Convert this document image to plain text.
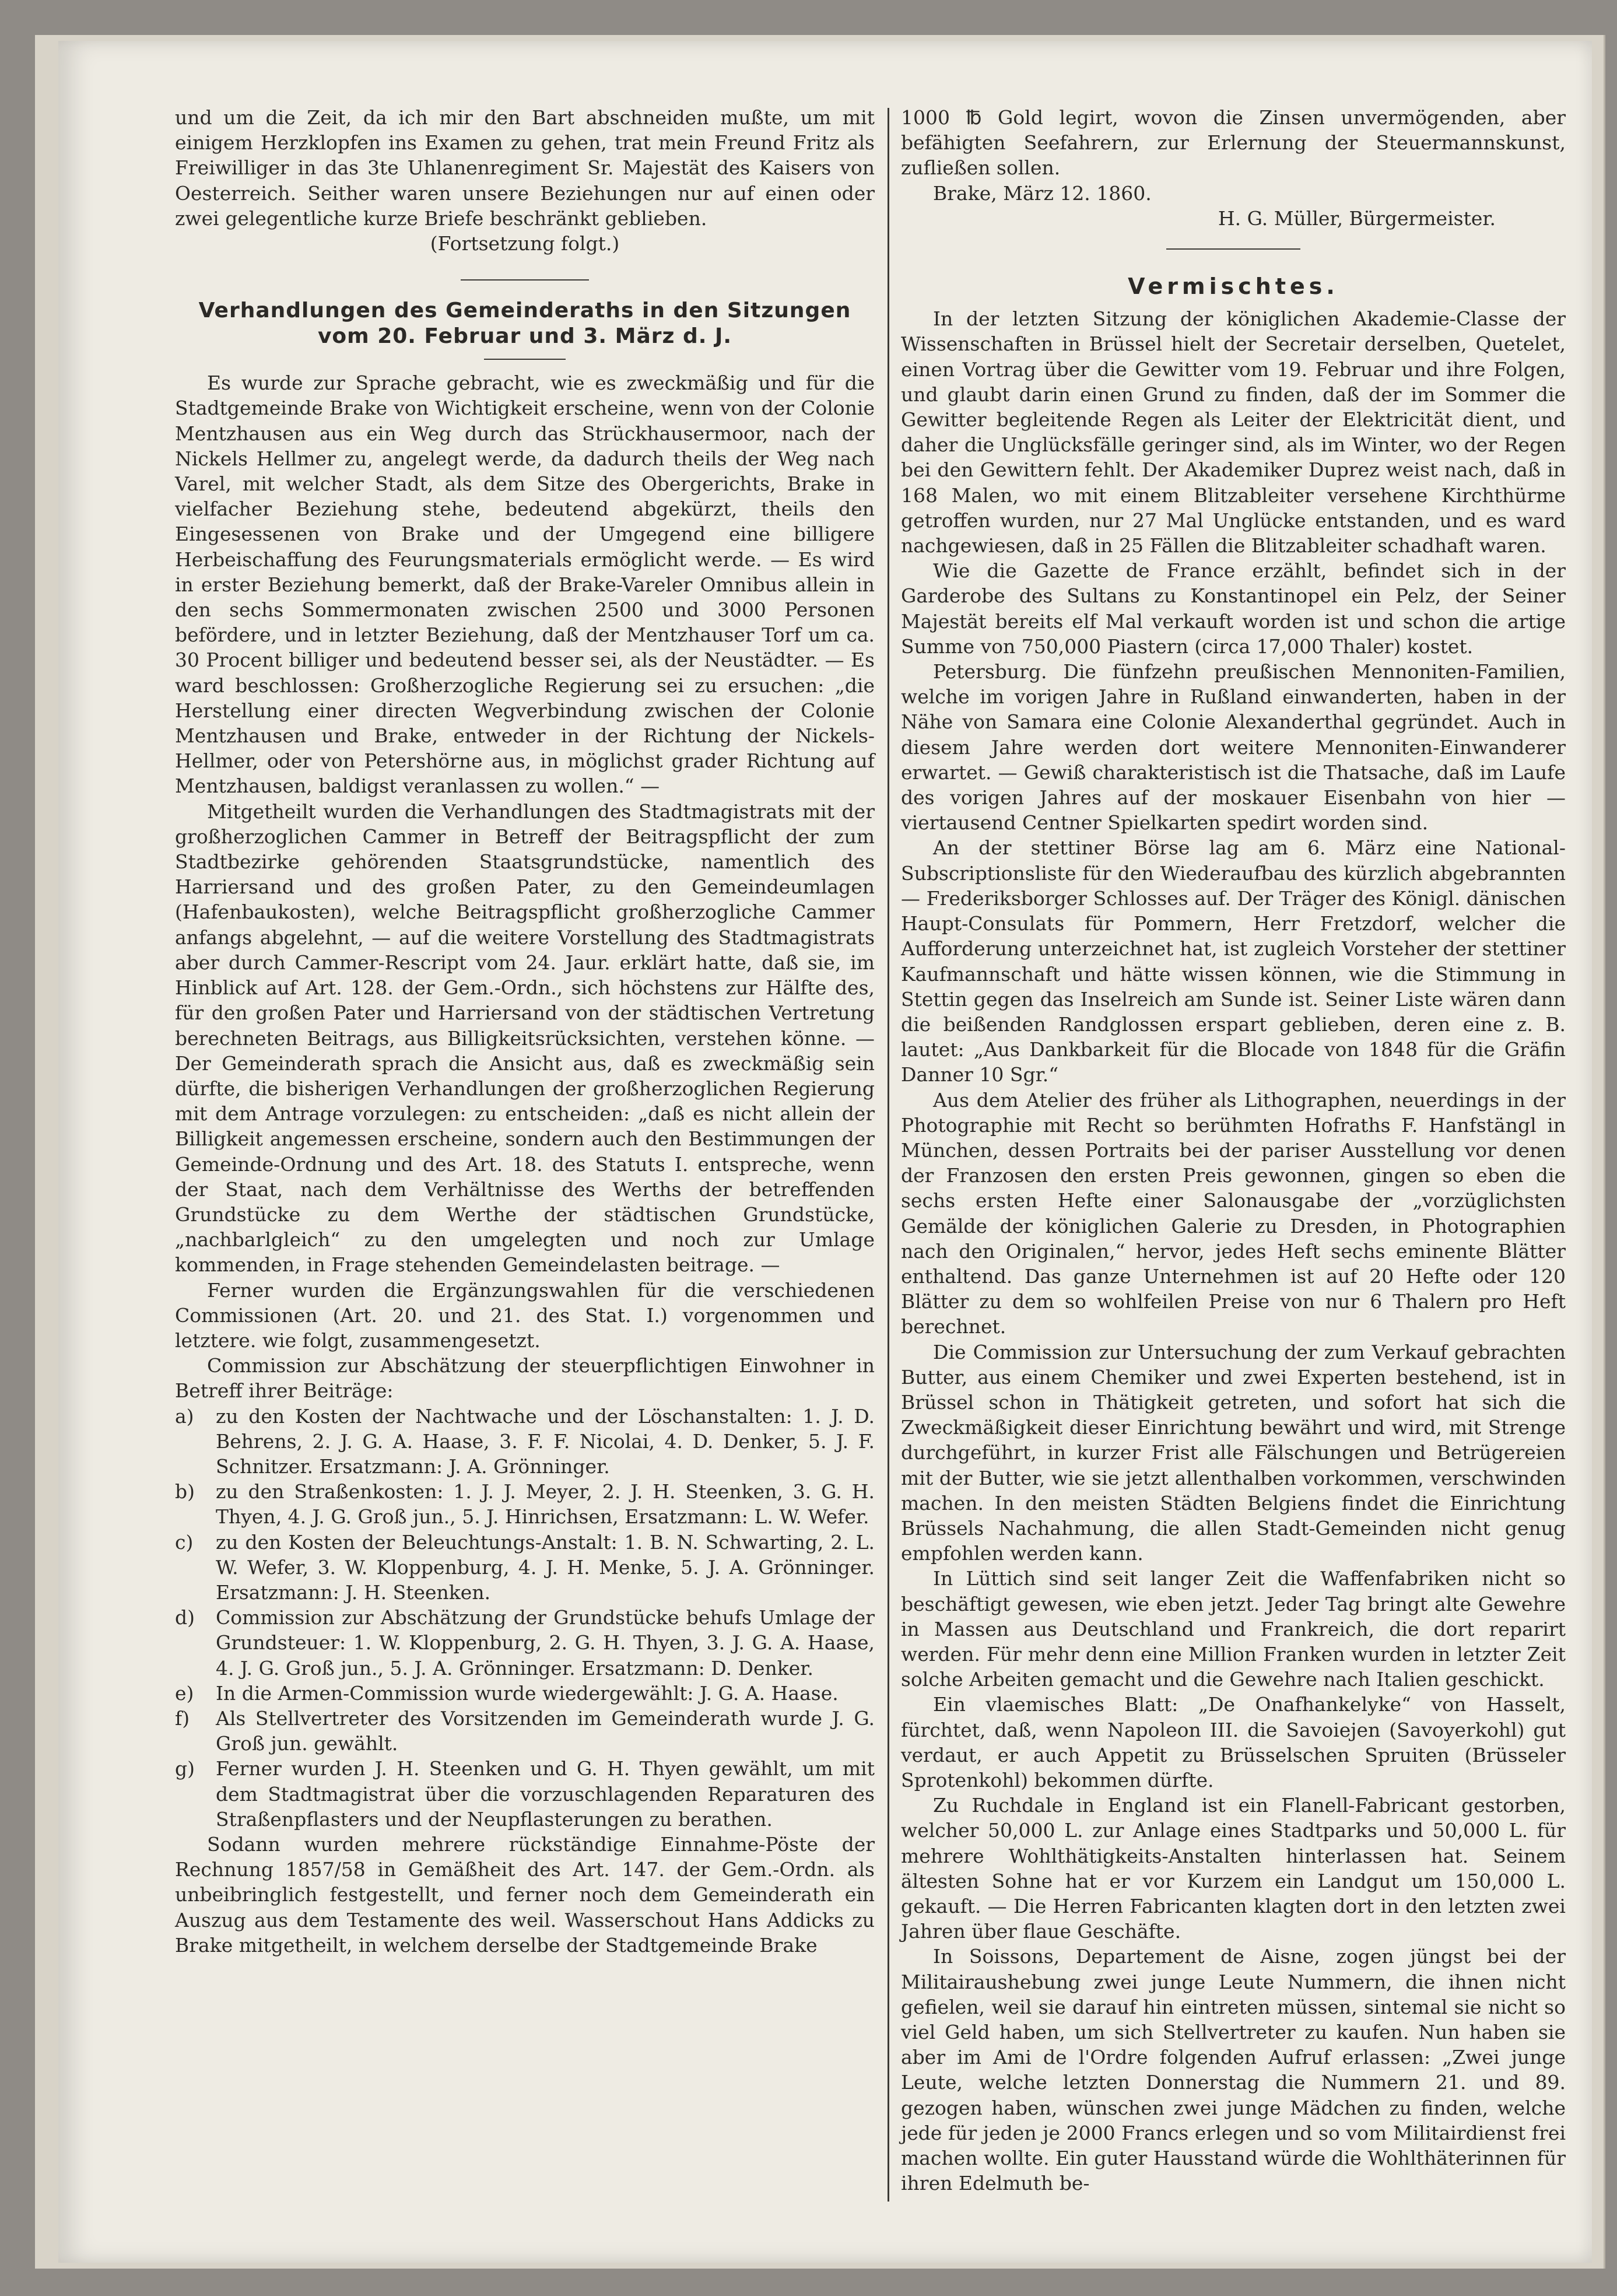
und um die Zeit, da ich mir den Bart abschneiden mußte, um mit einigem Herzklopfen ins Examen zu gehen, trat mein Freund Fritz als Freiwilliger in das 3te Uhlanenregiment Sr. Majestät des Kaisers von Oesterreich. Seither waren unsere Beziehungen nur auf einen oder zwei gelegentliche kurze Briefe beschränkt geblieben.

(Fortsetzung folgt.)

Verhandlungen des Gemeinderaths in den Sitzungen

vom 20. Februar und 3. März d. J.

Es wurde zur Sprache gebracht, wie es zweckmäßig und für die Stadtgemeinde Brake von Wichtigkeit erscheine, wenn von der Colonie Mentzhausen aus ein Weg durch das Strückhausermoor, nach der Nickels Hellmer zu, angelegt werde, da dadurch theils der Weg nach Varel, mit welcher Stadt, als dem Sitze des Obergerichts, Brake in vielfacher Beziehung stehe, bedeutend abgekürzt, theils den Eingesessenen von Brake und der Umgegend eine billigere Herbeischaffung des Feurungsmaterials ermöglicht werde. — Es wird in erster Beziehung bemerkt, daß der Brake-Vareler Omnibus allein in den sechs Sommermonaten zwischen 2500 und 3000 Personen befördere, und in letzter Beziehung, daß der Mentzhauser Torf um ca. 30 Procent billiger und bedeutend besser sei, als der Neustädter. — Es ward beschlossen: Großherzogliche Regierung sei zu ersuchen: „die Herstellung einer directen Wegverbindung zwischen der Colonie Mentzhausen und Brake, entweder in der Richtung der Nickels-Hellmer, oder von Petershörne aus, in möglichst grader Richtung auf Mentzhausen, baldigst veranlassen zu wollen.“ —

Mitgetheilt wurden die Verhandlungen des Stadtmagistrats mit der großherzoglichen Cammer in Betreff der Beitragspflicht der zum Stadtbezirke gehörenden Staatsgrundstücke, namentlich des Harriersand und des großen Pater, zu den Gemeindeumlagen (Hafenbaukosten), welche Beitragspflicht großherzogliche Cammer anfangs abgelehnt, — auf die weitere Vorstellung des Stadtmagistrats aber durch Cammer-Rescript vom 24. Jaur. erklärt hatte, daß sie, im Hinblick auf Art. 128. der Gem.-Ordn., sich höchstens zur Hälfte des, für den großen Pater und Harriersand von der städtischen Vertretung berechneten Beitrags, aus Billigkeitsrücksichten, verstehen könne. — Der Gemeinderath sprach die Ansicht aus, daß es zweckmäßig sein dürfte, die bisherigen Verhandlungen der großherzoglichen Regierung mit dem Antrage vorzulegen: zu entscheiden: „daß es nicht allein der Billigkeit angemessen erscheine, sondern auch den Bestimmungen der Gemeinde-Ordnung und des Art. 18. des Statuts I. entspreche, wenn der Staat, nach dem Verhältnisse des Werths der betreffenden Grundstücke zu dem Werthe der städtischen Grundstücke, „nachbarlgleich“ zu den umgelegten und noch zur Umlage kommenden, in Frage stehenden Gemeindelasten beitrage. —

Ferner wurden die Ergänzungswahlen für die verschiedenen Commissionen (Art. 20. und 21. des Stat. I.) vorgenommen und letztere. wie folgt, zusammengesetzt.

Commission zur Abschätzung der steuerpflichtigen Einwohner in Betreff ihrer Beiträge:

a)	zu den Kosten der Nachtwache und der Löschanstalten: 1. J. D. Behrens, 2. J. G. A. Haase, 3. F. F. Nicolai, 4. D. Denker, 5. J. F. Schnitzer. Ersatzmann: J. A. Grönninger.
b)	zu den Straßenkosten: 1. J. J. Meyer, 2. J. H. Steenken, 3. G. H. Thyen, 4. J. G. Groß jun., 5. J. Hinrichsen, Ersatzmann: L. W. Wefer.
c)	zu den Kosten der Beleuchtungs-Anstalt: 1. B. N. Schwarting, 2. L. W. Wefer, 3. W. Kloppenburg, 4. J. H. Menke, 5. J. A. Grönninger. Ersatzmann: J. H. Steenken.
d)	Commission zur Abschätzung der Grundstücke behufs Umlage der Grundsteuer: 1. W. Kloppenburg, 2. G. H. Thyen, 3. J. G. A. Haase, 4. J. G. Groß jun., 5. J. A. Grönninger. Ersatzmann: D. Denker.
e)	In die Armen-Commission wurde wiedergewählt: J. G. A. Haase.
f)	Als Stellvertreter des Vorsitzenden im Gemeinderath wurde J. G. Groß jun. gewählt.
g)	Ferner wurden J. H. Steenken und G. H. Thyen gewählt, um mit dem Stadtmagistrat über die vorzuschlagenden Reparaturen des Straßenpflasters und der Neupflasterungen zu berathen.

Sodann wurden mehrere rückständige Einnahme-Pöste der Rechnung 1857/58 in Gemäßheit des Art. 147. der Gem.-Ordn. als unbeibringlich festgestellt, und ferner noch dem Gemeinderath ein Auszug aus dem Testamente des weil. Wasserschout Hans Addicks zu Brake mitgetheilt, in welchem derselbe der Stadtgemeinde Brake

1000 ℔ Gold legirt, wovon die Zinsen unvermögenden, aber befähigten Seefahrern, zur Erlernung der Steuermannskunst, zufließen sollen.

Brake, März 12. 1860.

H. G. Müller, Bürgermeister.

Vermischtes.

In der letzten Sitzung der königlichen Akademie-Classe der Wissenschaften in Brüssel hielt der Secretair derselben, Quetelet, einen Vortrag über die Gewitter vom 19. Februar und ihre Folgen, und glaubt darin einen Grund zu finden, daß der im Sommer die Gewitter begleitende Regen als Leiter der Elektricität dient, und daher die Unglücksfälle geringer sind, als im Winter, wo der Regen bei den Gewittern fehlt. Der Akademiker Duprez weist nach, daß in 168 Malen, wo mit einem Blitzableiter versehene Kirchthürme getroffen wurden, nur 27 Mal Unglücke entstanden, und es ward nachgewiesen, daß in 25 Fällen die Blitzableiter schadhaft waren.

Wie die Gazette de France erzählt, befindet sich in der Garderobe des Sultans zu Konstantinopel ein Pelz, der Seiner Majestät bereits elf Mal verkauft worden ist und schon die artige Summe von 750,000 Piastern (circa 17,000 Thaler) kostet.

Petersburg. Die fünfzehn preußischen Mennoniten-Familien, welche im vorigen Jahre in Rußland einwanderten, haben in der Nähe von Samara eine Colonie Alexanderthal gegründet. Auch in diesem Jahre werden dort weitere Mennoniten-Einwanderer erwartet. — Gewiß charakteristisch ist die Thatsache, daß im Laufe des vorigen Jahres auf der moskauer Eisenbahn von hier — viertausend Centner Spielkarten spedirt worden sind.

An der stettiner Börse lag am 6. März eine National-Subscriptionsliste für den Wiederaufbau des kürzlich abgebrannten — Frederiksborger Schlosses auf. Der Träger des Königl. dänischen Haupt-Consulats für Pommern, Herr Fretzdorf, welcher die Aufforderung unterzeichnet hat, ist zugleich Vorsteher der stettiner Kaufmannschaft und hätte wissen können, wie die Stimmung in Stettin gegen das Inselreich am Sunde ist. Seiner Liste wären dann die beißenden Randglossen erspart geblieben, deren eine z. B. lautet: „Aus Dankbarkeit für die Blocade von 1848 für die Gräfin Danner 10 Sgr.“

Aus dem Atelier des früher als Lithographen, neuerdings in der Photographie mit Recht so berühmten Hofraths F. Hanfstängl in München, dessen Portraits bei der pariser Ausstellung vor denen der Franzosen den ersten Preis gewonnen, gingen so eben die sechs ersten Hefte einer Salonausgabe der „vorzüglichsten Gemälde der königlichen Galerie zu Dresden, in Photographien nach den Originalen,“ hervor, jedes Heft sechs eminente Blätter enthaltend. Das ganze Unternehmen ist auf 20 Hefte oder 120 Blätter zu dem so wohlfeilen Preise von nur 6 Thalern pro Heft berechnet.

Die Commission zur Untersuchung der zum Verkauf gebrachten Butter, aus einem Chemiker und zwei Experten bestehend, ist in Brüssel schon in Thätigkeit getreten, und sofort hat sich die Zweckmäßigkeit dieser Einrichtung bewährt und wird, mit Strenge durchgeführt, in kurzer Frist alle Fälschungen und Betrügereien mit der Butter, wie sie jetzt allenthalben vorkommen, verschwinden machen. In den meisten Städten Belgiens findet die Einrichtung Brüssels Nachahmung, die allen Stadt-Gemeinden nicht genug empfohlen werden kann.

In Lüttich sind seit langer Zeit die Waffenfabriken nicht so beschäftigt gewesen, wie eben jetzt. Jeder Tag bringt alte Gewehre in Massen aus Deutschland und Frankreich, die dort reparirt werden. Für mehr denn eine Million Franken wurden in letzter Zeit solche Arbeiten gemacht und die Gewehre nach Italien geschickt.

Ein vlaemisches Blatt: „De Onafhankelyke“ von Hasselt, fürchtet, daß, wenn Napoleon III. die Savoiejen (Savoyerkohl) gut verdaut, er auch Appetit zu Brüsselschen Spruiten (Brüsseler Sprotenkohl) bekommen dürfte.

Zu Ruchdale in England ist ein Flanell-Fabricant gestorben, welcher 50,000 L. zur Anlage eines Stadtparks und 50,000 L. für mehrere Wohlthätigkeits-Anstalten hinterlassen hat. Seinem ältesten Sohne hat er vor Kurzem ein Landgut um 150,000 L. gekauft. — Die Herren Fabricanten klagten dort in den letzten zwei Jahren über flaue Geschäfte.

In Soissons, Departement de Aisne, zogen jüngst bei der Militairaushebung zwei junge Leute Nummern, die ihnen nicht gefielen, weil sie darauf hin eintreten müssen, sintemal sie nicht so viel Geld haben, um sich Stellvertreter zu kaufen. Nun haben sie aber im Ami de l'Ordre folgenden Aufruf erlassen: „Zwei junge Leute, welche letzten Donnerstag die Nummern 21. und 89. gezogen haben, wünschen zwei junge Mädchen zu finden, welche jede für jeden je 2000 Francs erlegen und so vom Militairdienst frei machen wollte. Ein guter Hausstand würde die Wohlthäterinnen für ihren Edelmuth be-
